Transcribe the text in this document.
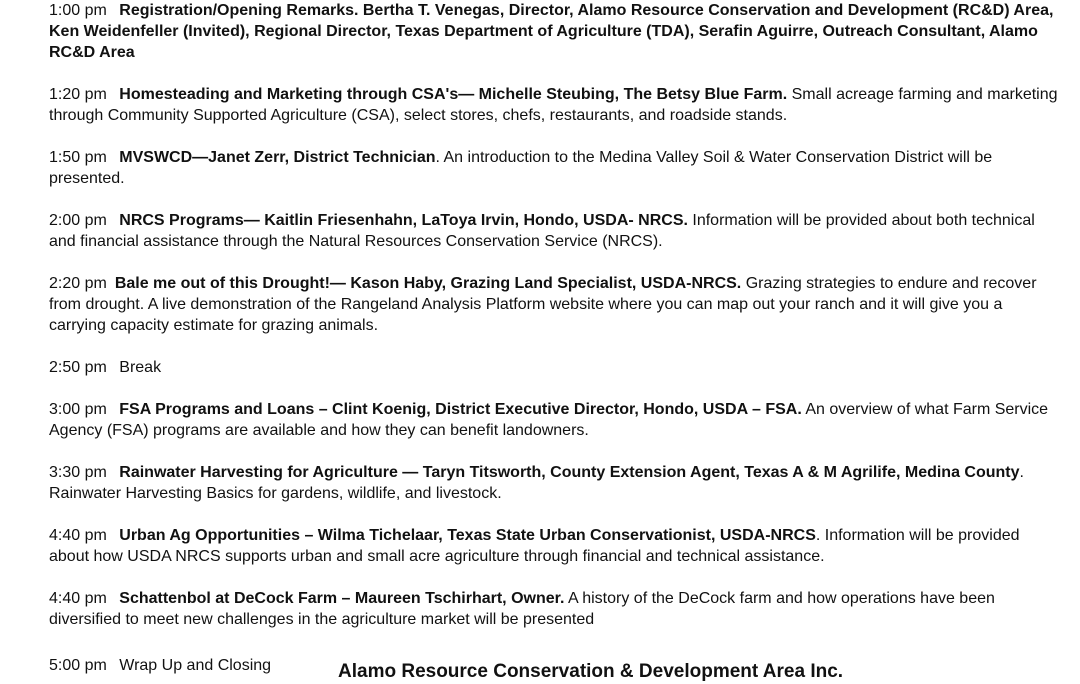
1:00 pm Registration/Opening Remarks. Bertha T. Venegas, Director, Alamo Resource Conservation and Development (RC&D) Area, Ken Weidenfeller (Invited), Regional Director, Texas Department of Agriculture (TDA), Serafin Aguirre, Outreach Consultant, Alamo RC&D Area
1:20 pm Homesteading and Marketing through CSA's— Michelle Steubing, The Betsy Blue Farm. Small acreage farming and marketing through Community Supported Agriculture (CSA), select stores, chefs, restaurants, and roadside stands.
1:50 pm MVSWCD—Janet Zerr, District Technician. An introduction to the Medina Valley Soil & Water Conservation District will be presented.
2:00 pm NRCS Programs— Kaitlin Friesenhahn, LaToya Irvin, Hondo, USDA- NRCS. Information will be provided about both technical and financial assistance through the Natural Resources Conservation Service (NRCS).
2:20 pm Bale me out of this Drought!— Kason Haby, Grazing Land Specialist, USDA-NRCS. Grazing strategies to endure and recover from drought. A live demonstration of the Rangeland Analysis Platform website where you can map out your ranch and it will give you a carrying capacity estimate for grazing animals.
2:50 pm Break
3:00 pm FSA Programs and Loans – Clint Koenig, District Executive Director, Hondo, USDA – FSA. An overview of what Farm Service Agency (FSA) programs are available and how they can benefit landowners.
3:30 pm Rainwater Harvesting for Agriculture — Taryn Titsworth, County Extension Agent, Texas A & M Agrilife, Medina County. Rainwater Harvesting Basics for gardens, wildlife, and livestock.
4:40 pm Urban Ag Opportunities – Wilma Tichelaar, Texas State Urban Conservationist, USDA-NRCS. Information will be provided about how USDA NRCS supports urban and small acre agriculture through financial and technical assistance.
4:40 pm Schattenbol at DeCock Farm – Maureen Tschirhart, Owner. A history of the DeCock farm and how operations have been diversified to meet new challenges in the agriculture market will be presented
5:00 pm Wrap Up and Closing	Alamo Resource Conservation & Development Area Inc.
